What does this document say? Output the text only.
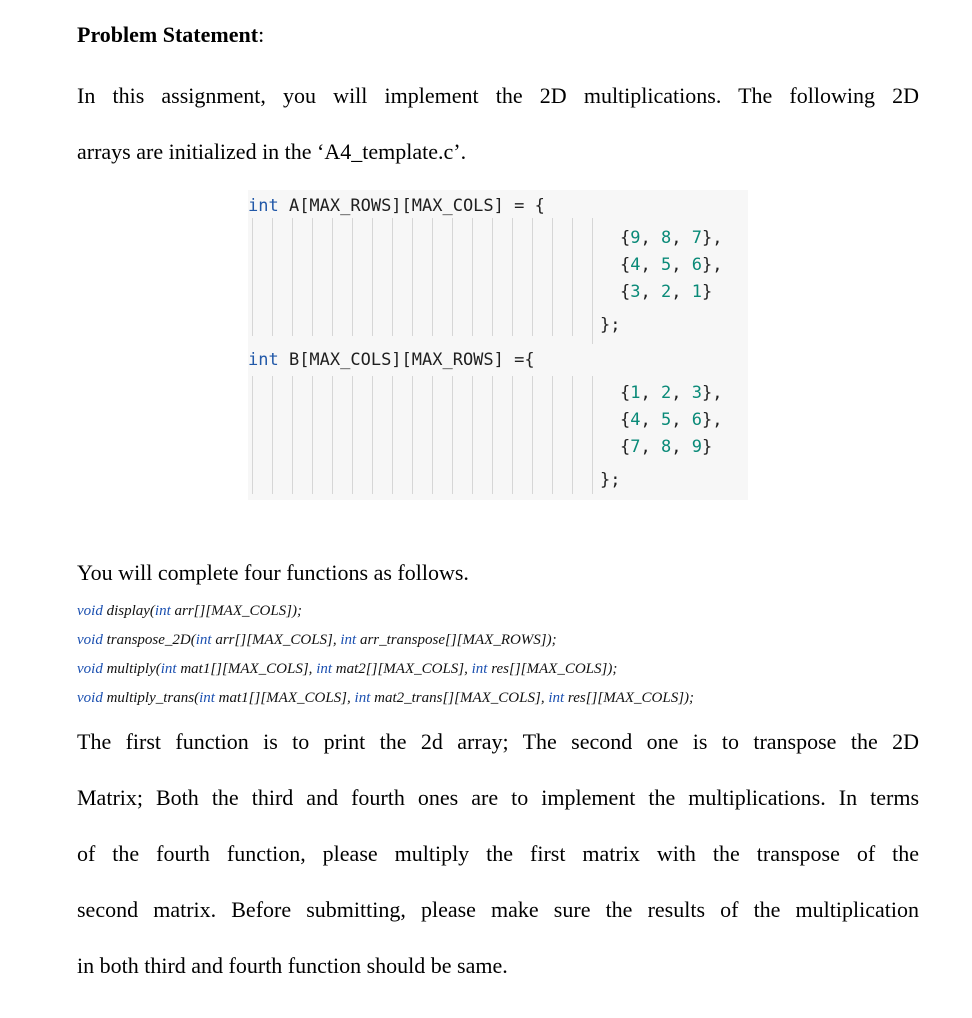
Problem Statement:
In this assignment, you will implement the 2D multiplications. The following 2D
arrays are initialized in the ‘A4_template.c’.
int A[MAX_ROWS][MAX_COLS] = {
{9, 8, 7},
{4, 5, 6},
{3, 2, 1}
};
int B[MAX_COLS][MAX_ROWS] ={
{1, 2, 3},
{4, 5, 6},
{7, 8, 9}
};
You will complete four functions as follows.
void display(int arr[][MAX_COLS]);
void transpose_2D(int arr[][MAX_COLS], int arr_transpose[][MAX_ROWS]);
void multiply(int mat1[][MAX_COLS], int mat2[][MAX_COLS], int res[][MAX_COLS]);
void multiply_trans(int mat1[][MAX_COLS], int mat2_trans[][MAX_COLS], int res[][MAX_COLS]);
The first function is to print the 2d array; The second one is to transpose the 2D
Matrix; Both the third and fourth ones are to implement the multiplications. In terms
of the fourth function, please multiply the first matrix with the transpose of the
second matrix. Before submitting, please make sure the results of the multiplication
in both third and fourth function should be same.
